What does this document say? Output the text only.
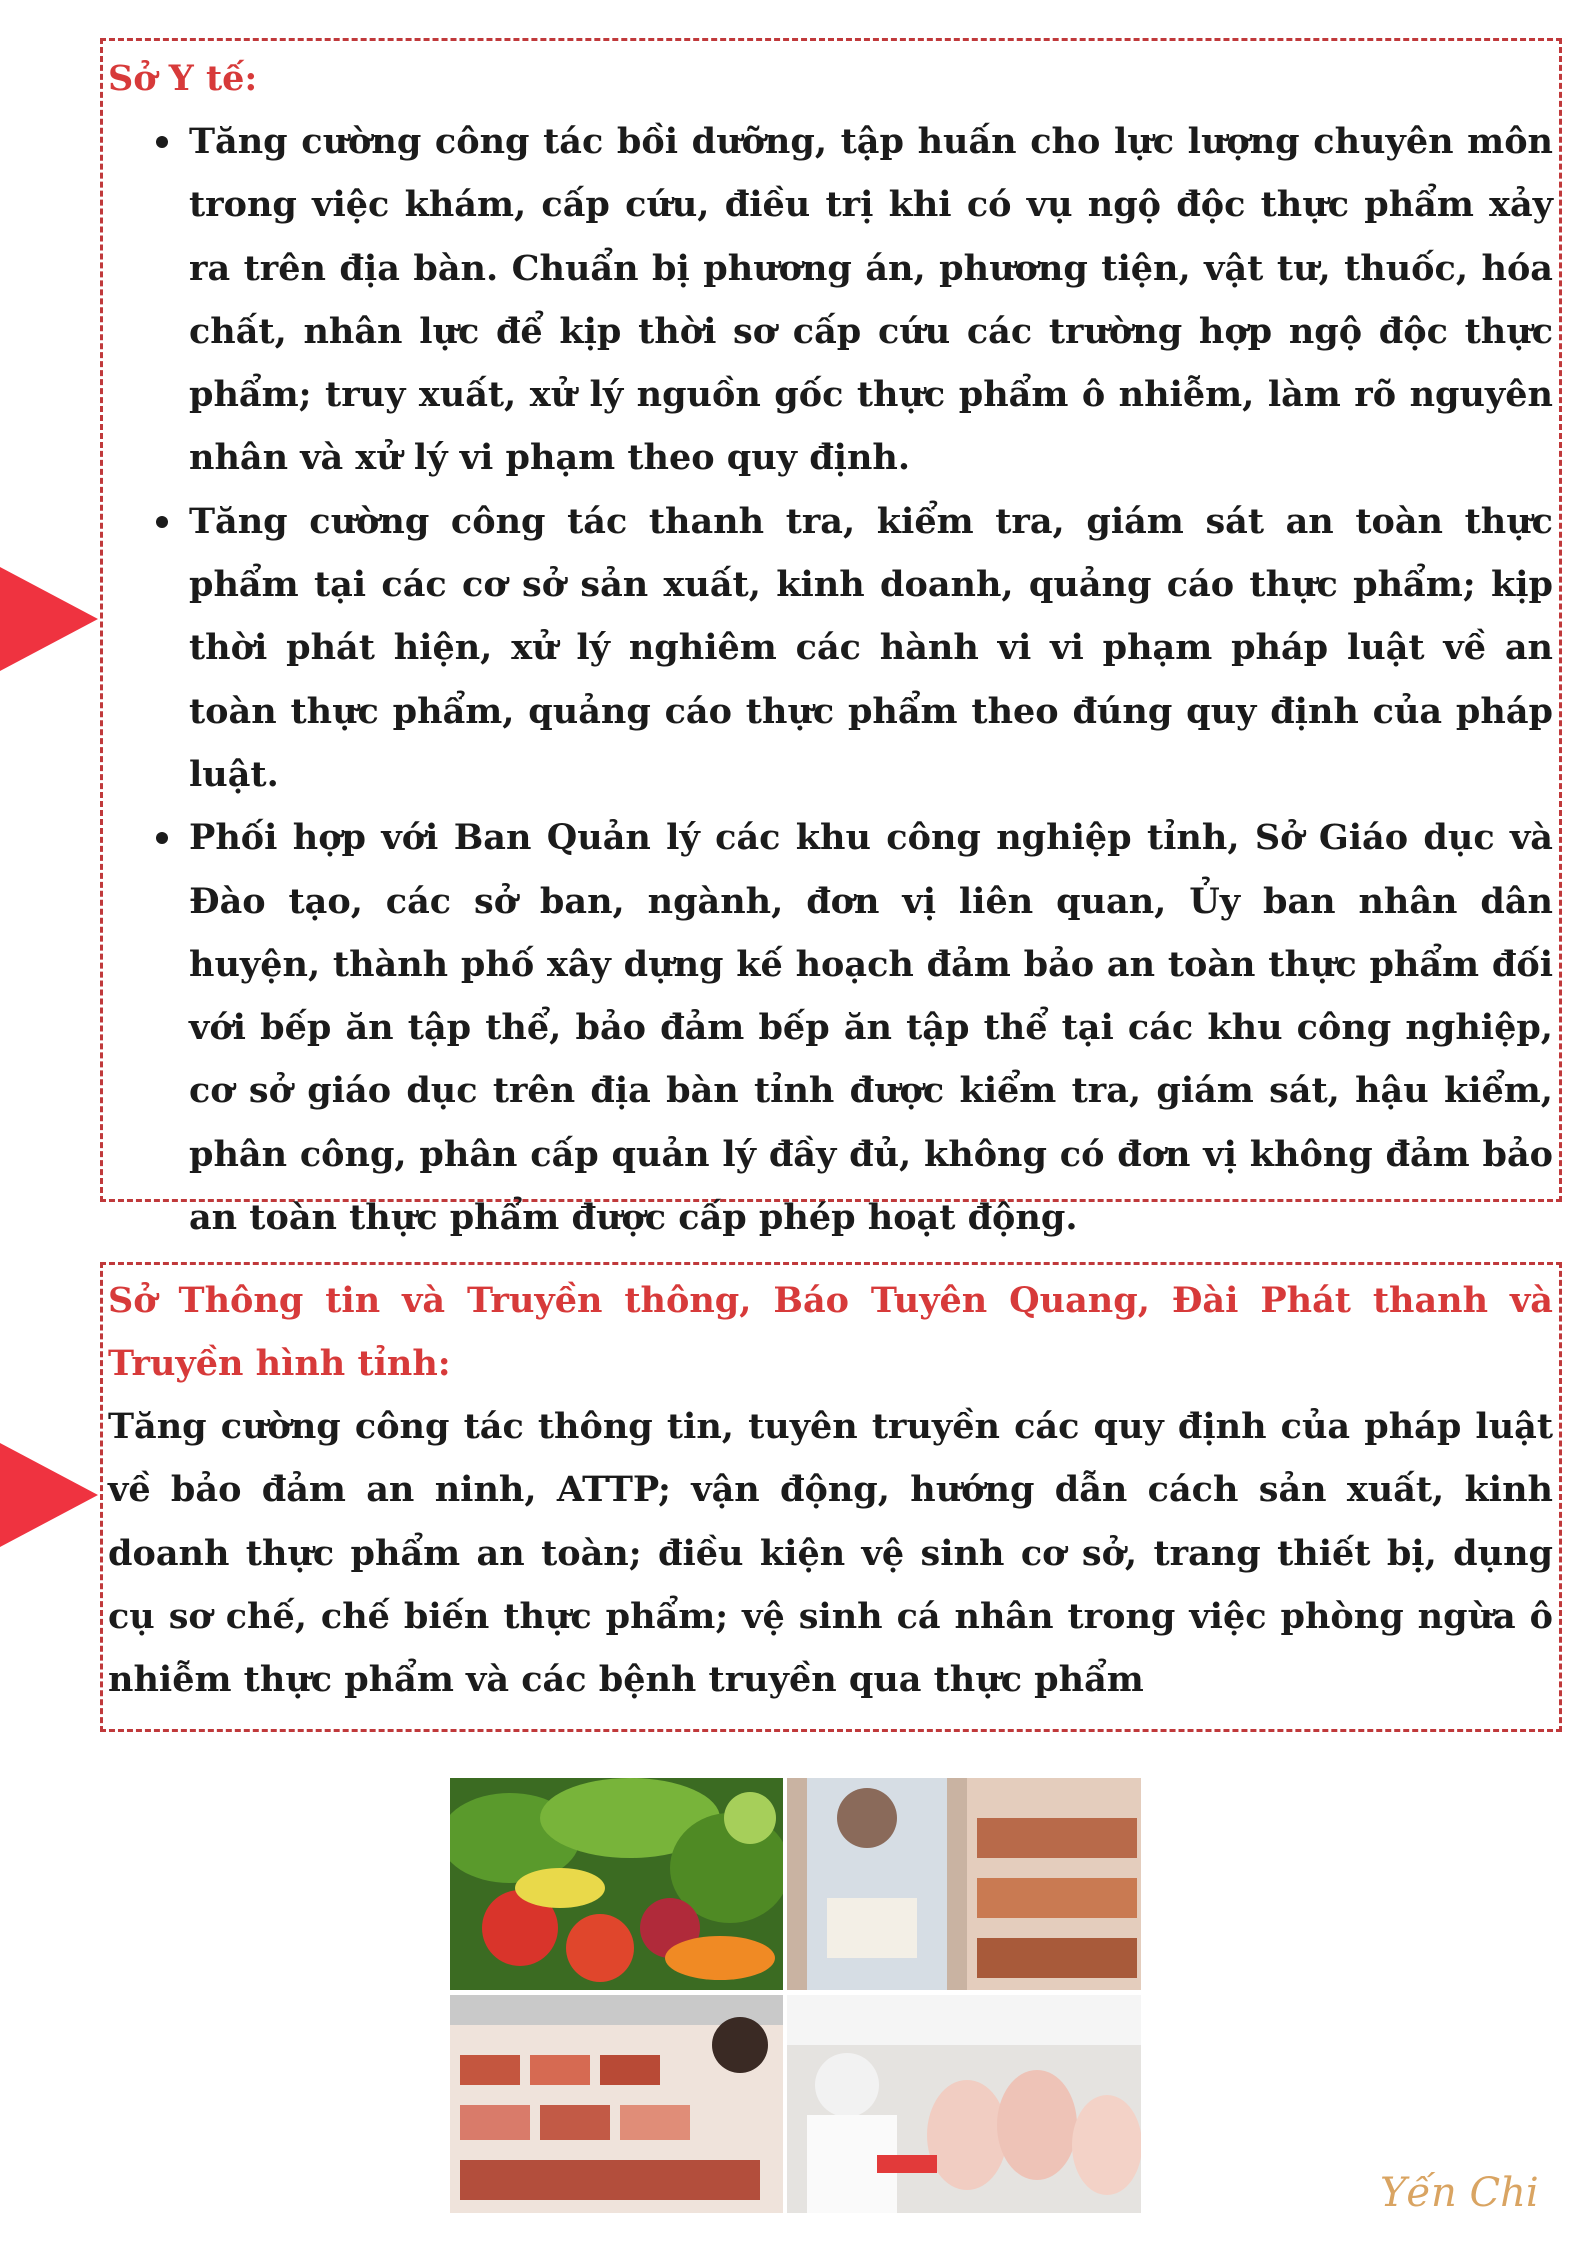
Sở Y tế:

Tăng cường công tác bồi dưỡng, tập huấn cho lực lượng chuyên môn trong việc khám, cấp cứu, điều trị khi có vụ ngộ độc thực phẩm xảy ra trên địa bàn. Chuẩn bị phương án, phương tiện, vật tư, thuốc, hóa chất, nhân lực để kịp thời sơ cấp cứu các trường hợp ngộ độc thực phẩm; truy xuất, xử lý nguồn gốc thực phẩm ô nhiễm, làm rõ nguyên nhân và xử lý vi phạm theo quy định.
Tăng cường công tác thanh tra, kiểm tra, giám sát an toàn thực phẩm tại các cơ sở sản xuất, kinh doanh, quảng cáo thực phẩm; kịp thời phát hiện, xử lý nghiêm các hành vi vi phạm pháp luật về an toàn thực phẩm, quảng cáo thực phẩm theo đúng quy định của pháp luật.
Phối hợp với Ban Quản lý các khu công nghiệp tỉnh, Sở Giáo dục và Đào tạo, các sở ban, ngành, đơn vị liên quan, Ủy ban nhân dân huyện, thành phố xây dựng kế hoạch đảm bảo an toàn thực phẩm đối với bếp ăn tập thể, bảo đảm bếp ăn tập thể tại các khu công nghiệp, cơ sở giáo dục trên địa bàn tỉnh được kiểm tra, giám sát, hậu kiểm, phân công, phân cấp quản lý đầy đủ, không có đơn vị không đảm bảo an toàn thực phẩm được cấp phép hoạt động.

Sở Thông tin và Truyền thông, Báo Tuyên Quang, Đài Phát thanh và Truyền hình tỉnh:

Tăng cường công tác thông tin, tuyên truyền các quy định của pháp luật về bảo đảm an ninh, ATTP; vận động, hướng dẫn cách sản xuất, kinh doanh thực phẩm an toàn; điều kiện vệ sinh cơ sở, trang thiết bị, dụng cụ sơ chế, chế biến thực phẩm; vệ sinh cá nhân trong việc phòng ngừa ô nhiễm thực phẩm và các bệnh truyền qua thực phẩm

Yến Chi
